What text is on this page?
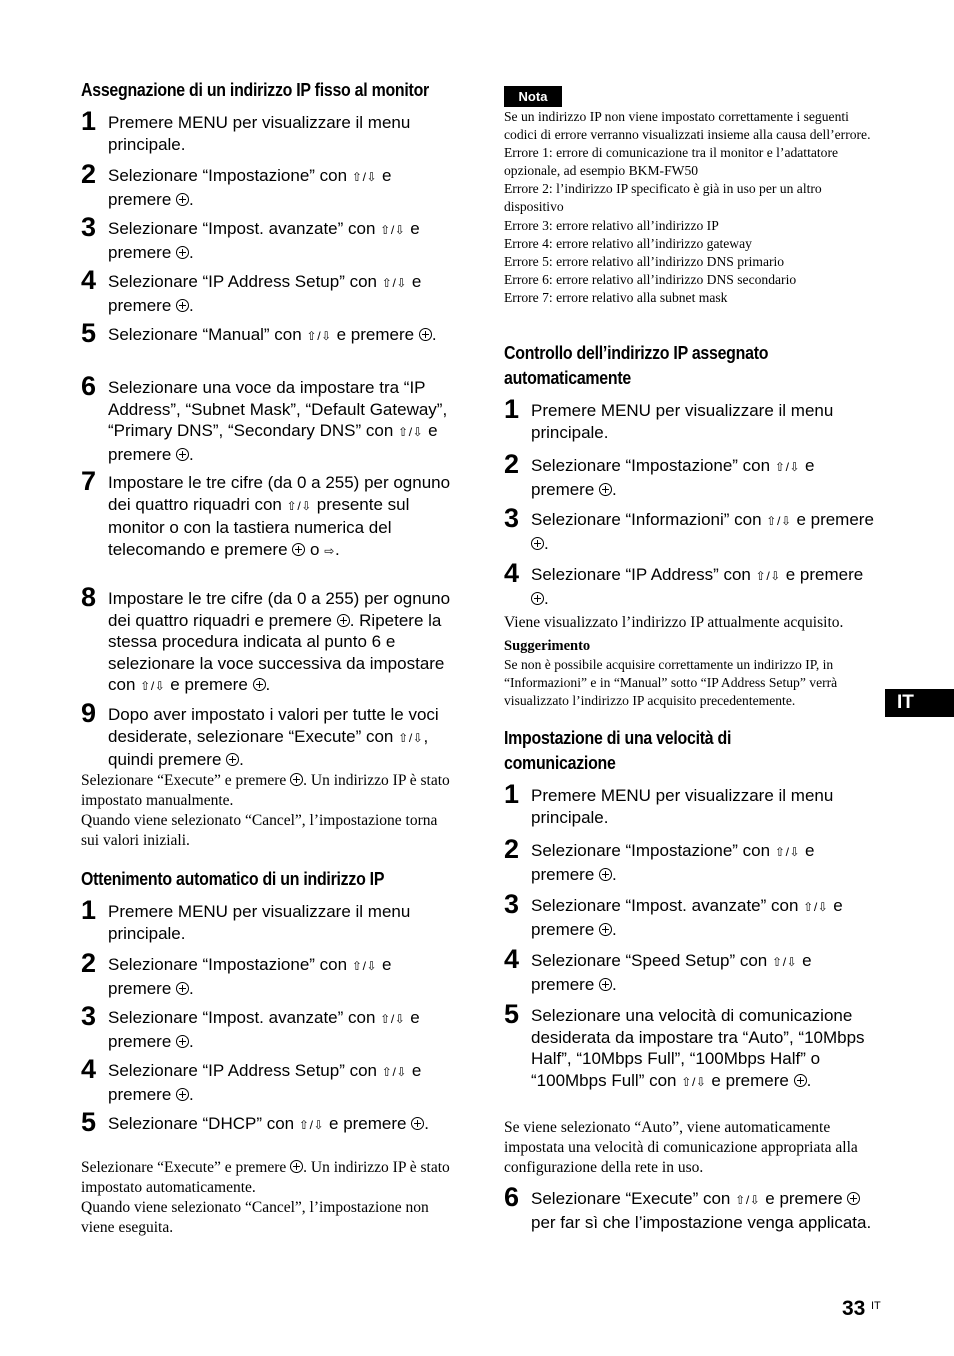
Assegnazione di un indirizzo IP fisso al monitor
1 Premere MENU per visualizzare il menu principale.
2 Selezionare “Impostazione” con ⇧/⇩ e premere .
3 Selezionare “Impost. avanzate” con ⇧/⇩ e premere .
4 Selezionare “IP Address Setup” con ⇧/⇩ e premere .
5 Selezionare “Manual” con ⇧/⇩ e premere .
6 Selezionare una voce da impostare tra “IP Address”, “Subnet Mask”, “Default Gateway”, “Primary DNS”, “Secondary DNS” con ⇧/⇩ e premere .
7 Impostare le tre cifre (da 0 a 255) per ognuno dei quattro riquadri con ⇧/⇩ presente sul monitor o con la tastiera numerica del telecomando e premere o ⇨.
8 Impostare le tre cifre (da 0 a 255) per ognuno dei quattro riquadri e premere . Ripetere la stessa procedura indicata al punto 6 e selezionare la voce successiva da impostare con ⇧/⇩ e premere .
9 Dopo aver impostato i valori per tutte le voci desiderate, selezionare “Execute” con ⇧/⇩, quindi premere .
Selezionare “Execute” e premere . Un indirizzo IP è stato impostato manualmente.
Quando viene selezionato “Cancel”, l’impostazione torna sui valori iniziali.
Ottenimento automatico di un indirizzo IP
1 Premere MENU per visualizzare il menu principale.
2 Selezionare “Impostazione” con ⇧/⇩ e premere .
3 Selezionare “Impost. avanzate” con ⇧/⇩ e premere .
4 Selezionare “IP Address Setup” con ⇧/⇩ e premere .
5 Selezionare “DHCP” con ⇧/⇩ e premere .
Selezionare “Execute” e premere . Un indirizzo IP è stato impostato automaticamente.
Quando viene selezionato “Cancel”, l’impostazione non viene eseguita.
Nota
Se un indirizzo IP non viene impostato correttamente i seguenti codici di errore verranno visualizzati insieme alla causa dell’errore.
Errore 1: errore di comunicazione tra il monitor e l’adattatore opzionale, ad esempio BKM-FW50
Errore 2: l’indirizzo IP specificato è già in uso per un altro dispositivo
Errore 3: errore relativo all’indirizzo IP
Errore 4: errore relativo all’indirizzo gateway
Errore 5: errore relativo all’indirizzo DNS primario
Errore 6: errore relativo all’indirizzo DNS secondario
Errore 7: errore relativo alla subnet mask
Controllo dell’indirizzo IP assegnato
automaticamente
1 Premere MENU per visualizzare il menu principale.
2 Selezionare “Impostazione” con ⇧/⇩ e premere .
3 Selezionare “Informazioni” con ⇧/⇩ e premere .
4 Selezionare “IP Address” con ⇧/⇩ e premere .
Viene visualizzato l’indirizzo IP attualmente acquisito.
Suggerimento
Se non è possibile acquisire correttamente un indirizzo IP, in “Informazioni” e in “Manual” sotto “IP Address Setup” verrà visualizzato l’indirizzo IP acquisito precedentemente.
Impostazione di una velocità di
comunicazione
1 Premere MENU per visualizzare il menu principale.
2 Selezionare “Impostazione” con ⇧/⇩ e premere .
3 Selezionare “Impost. avanzate” con ⇧/⇩ e premere .
4 Selezionare “Speed Setup” con ⇧/⇩ e premere .
5 Selezionare una velocità di comunicazione desiderata da impostare tra “Auto”, “10Mbps Half”, “10Mbps Full”, “100Mbps Half” o “100Mbps Full” con ⇧/⇩ e premere .
Se viene selezionato “Auto”, viene automaticamente impostata una velocità di comunicazione appropriata alla configurazione della rete in uso.
6 Selezionare “Execute” con ⇧/⇩ e premere  per far sì che l’impostazione venga applicata.
IT
33 IT
